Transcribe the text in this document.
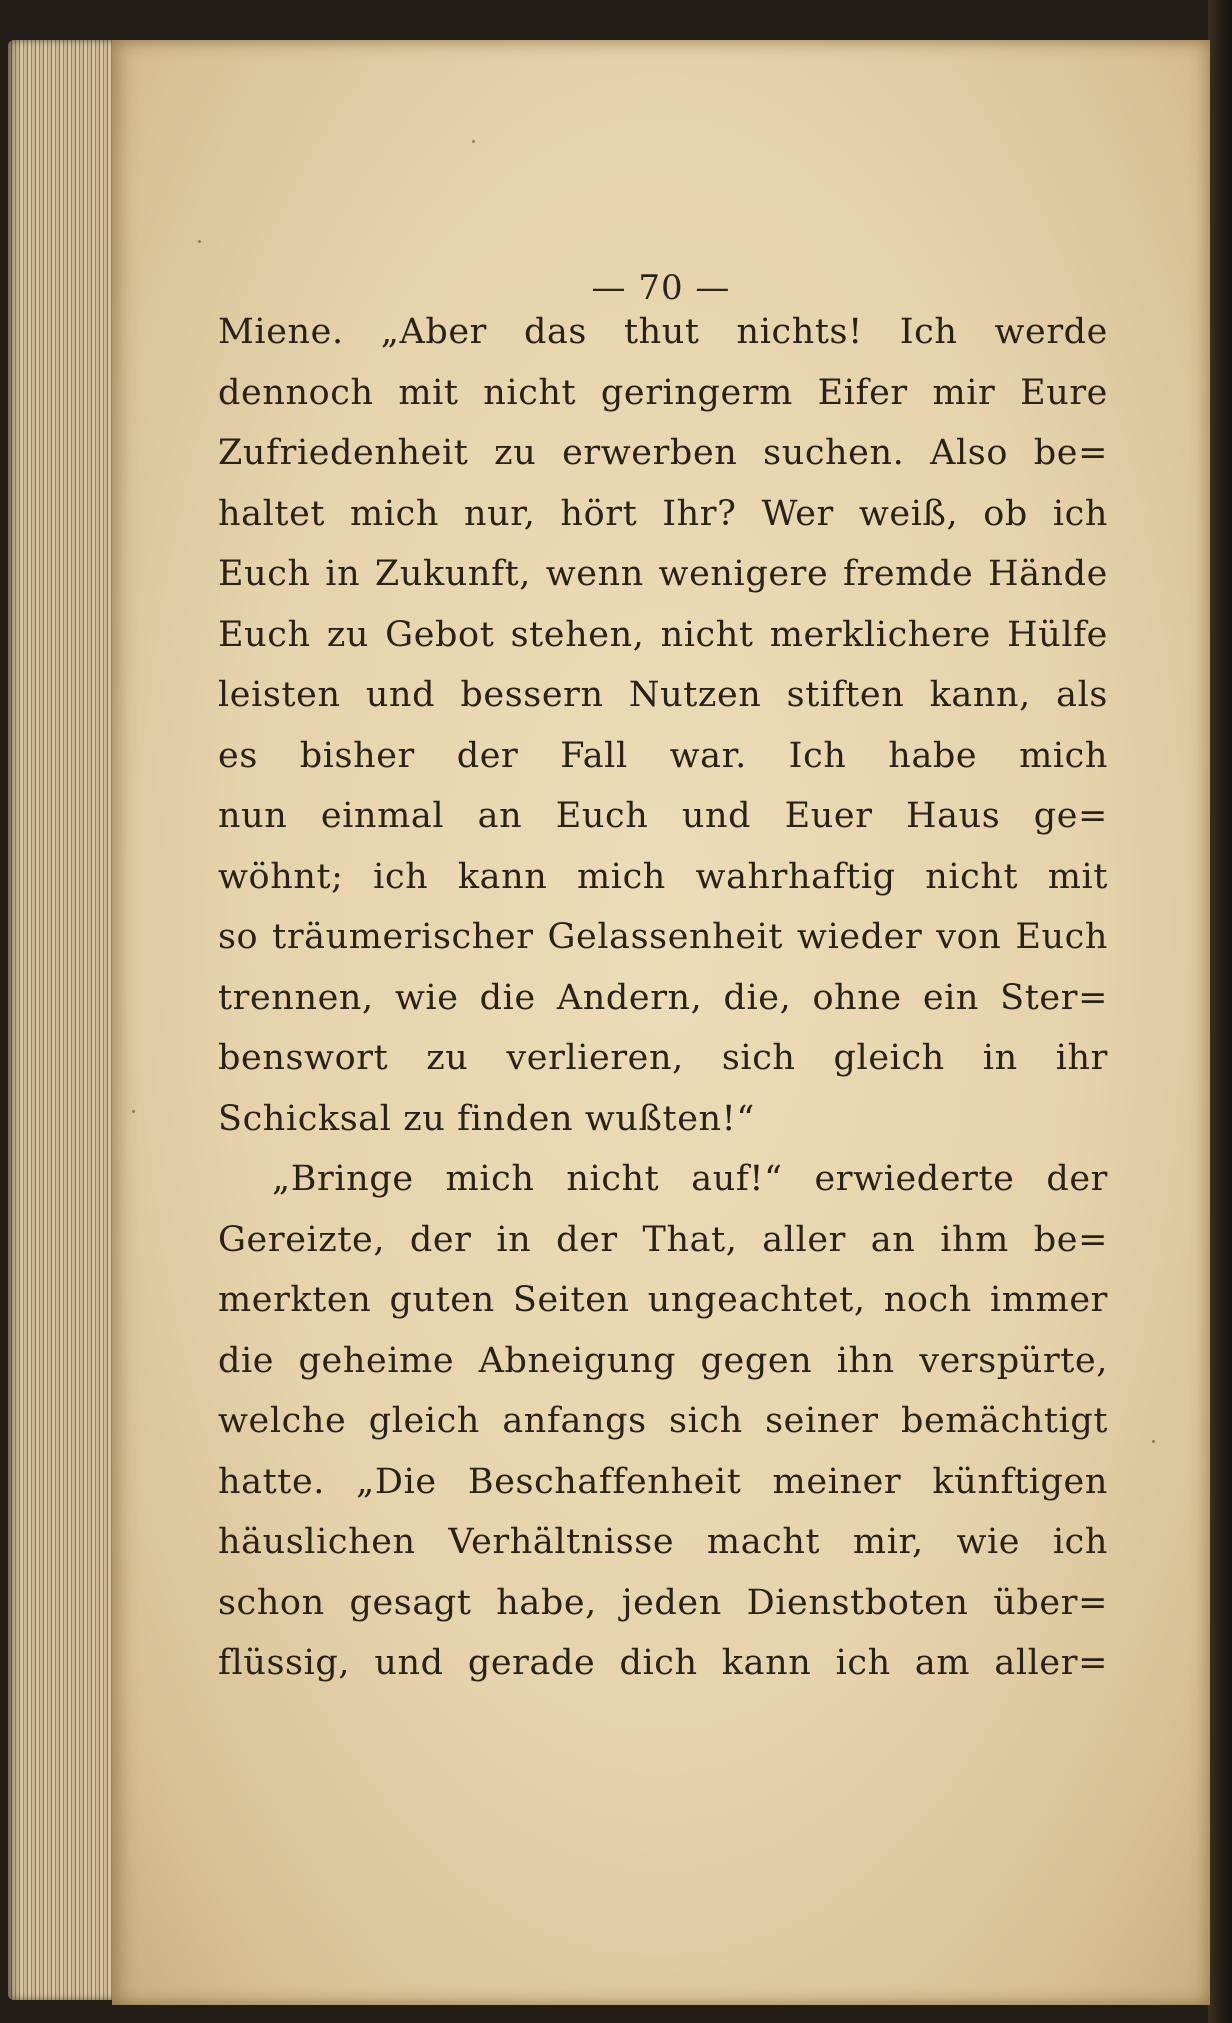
— 70 —
Miene. „Aber das thut nichts! Ich werde
dennoch mit nicht geringerm Eifer mir Eure
Zufriedenheit zu erwerben suchen. Also be=
haltet mich nur, hört Ihr? Wer weiß, ob ich
Euch in Zukunft, wenn wenigere fremde Hände
Euch zu Gebot stehen, nicht merklichere Hülfe
leisten und bessern Nutzen stiften kann, als
es bisher der Fall war. Ich habe mich
nun einmal an Euch und Euer Haus ge=
wöhnt; ich kann mich wahrhaftig nicht mit
so träumerischer Gelassenheit wieder von Euch
trennen, wie die Andern, die, ohne ein Ster=
benswort zu verlieren, sich gleich in ihr
Schicksal zu finden wußten!“
„Bringe mich nicht auf!“ erwiederte der
Gereizte, der in der That, aller an ihm be=
merkten guten Seiten ungeachtet, noch immer
die geheime Abneigung gegen ihn verspürte,
welche gleich anfangs sich seiner bemächtigt
hatte. „Die Beschaffenheit meiner künftigen
häuslichen Verhältnisse macht mir, wie ich
schon gesagt habe, jeden Dienstboten über=
flüssig, und gerade dich kann ich am aller=
